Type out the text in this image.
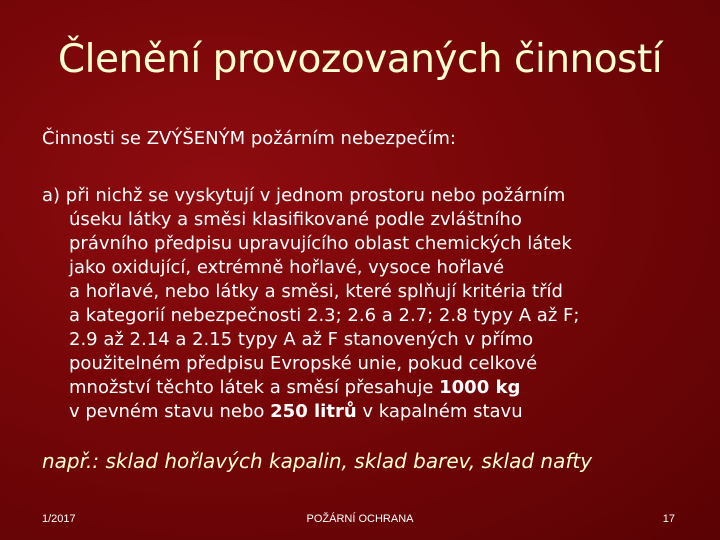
Členění provozovaných činností
Činnosti se ZVÝŠENÝM požárním nebezpečím:
a) při nichž se vyskytují v jednom prostoru nebo požárním
úseku látky a směsi klasifikované podle zvláštního
právního předpisu upravujícího oblast chemických látek
jako oxidující, extrémně hořlavé, vysoce hořlavé
a hořlavé, nebo látky a směsi, které splňují kritéria tříd
a kategorií nebezpečnosti 2.3; 2.6 a 2.7; 2.8 typy A až F;
2.9 až 2.14 a 2.15 typy A až F stanovených v přímo
použitelném předpisu Evropské unie, pokud celkové
množství těchto látek a směsí přesahuje 1000 kg
v pevném stavu nebo 250 litrů v kapalném stavu
např.: sklad hořlavých kapalin, sklad barev, sklad nafty
1/2017	POŽÁRNÍ OCHRANA	17
